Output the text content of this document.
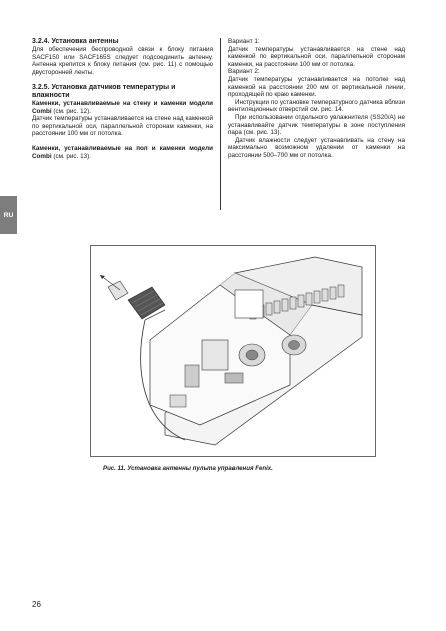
3.2.4. Установка антенны

Для обеспечения беспроводной связи к блоку питания SACF150 или SACF165S следует подсоединить антенну. Антенна крепится к блоку питания (см. рис. 11) с помощью двусторонней ленты.

3.2.5. Установка датчиков температуры и влажности

Каменки, устанавливаемые на стену и каменки модели Combi (см. рис. 12).

Датчик температуры устанавливается на стене над каменкой по вертикальной оси, параллельной сторонам каменки, на расстоянии 100 мм от потолка.

Каменки, устанавливаемые на пол и каменки модели Combi (см. рис. 13).

Вариант 1:

Датчик температуры устанавливается на стене над каменкой по вертикальной оси, параллельной сторонам каменки, на расстоянии 100 мм от потолка.

Вариант 2:

Датчик температуры устанавливается на потолке над каменкой на расстоянии 200 мм от вертикальной линии, проходящей по краю каменки.

Инструкции по установке температурного датчика вблизи вентиляционных отверстий см. рис. 14.

При использовании отдельного увлажнителя (SS20/A) не устанавливайте датчик температуры в зоне поступления пара (см. рис. 13).

Датчик влажности следует устанавливать на стену на максимально возможном удалении от каменки на расстоянии 500–700 мм от потолка.

RU
Рис. 11. Установка антенны пульта управления Fenix.
26
